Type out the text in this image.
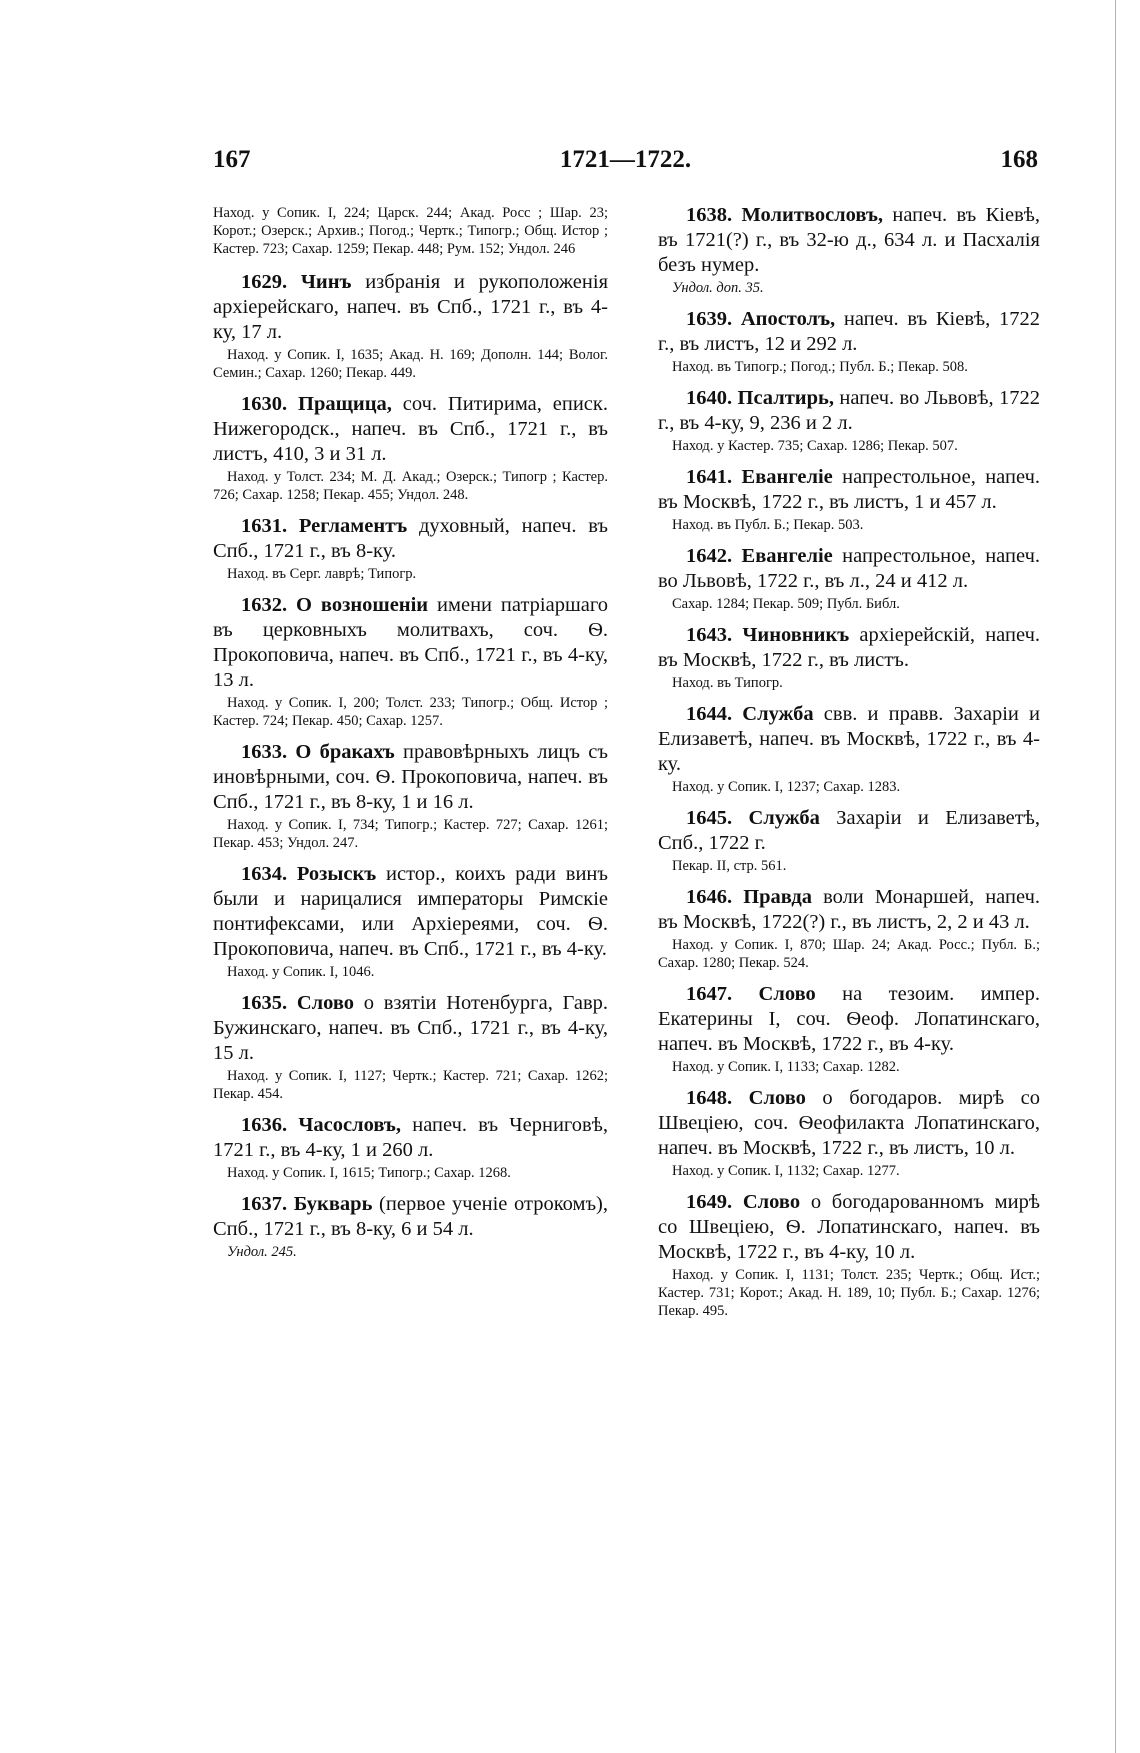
167	1721—1722.	168

Наход. у Сопик. I, 224; Царск. 244; Акад. Росс ; Шар. 23; Корот.; Озерск.; Архив.; Погод.; Чертк.; Типогр.; Общ. Истор ; Кастер. 723; Сахар. 1259; Пекар. 448; Рум. 152; Ундол. 246

1629. Чинъ избранія и рукоположенія архіерейскаго, напеч. въ Спб., 1721 г., въ 4-ку, 17 л.

Наход. у Сопик. I, 1635; Акад. Н. 169; Дополн. 144; Волог. Семин.; Сахар. 1260; Пекар. 449.

1630. Пращица, соч. Питирима, епиcк. Нижегородск., напеч. въ Спб., 1721 г., въ листъ, 410, 3 и 31 л.

Наход. у Толст. 234; М. Д. Акад.; Озерск.; Типогр ; Кастер. 726; Сахар. 1258; Пекар. 455; Ундол. 248.

1631. Регламентъ духовный, напеч. въ Спб., 1721 г., въ 8-ку.

Наход. въ Серг. лаврѣ; Типогр.

1632. О возношеніи имени патріаршаго въ церковныхъ молитвахъ, соч. Ѳ. Прокоповича, напеч. въ Спб., 1721 г., въ 4-ку, 13 л.

Наход. у Сопик. I, 200; Толст. 233; Типогр.; Общ. Истор ; Кастер. 724; Пекар. 450; Сахар. 1257.

1633. О бракахъ правовѣрныхъ лицъ съ иновѣрными, соч. Ѳ. Прокоповича, напеч. въ Спб., 1721 г., въ 8-ку, 1 и 16 л.

Наход. у Сопик. I, 734; Типогр.; Кастер. 727; Сахар. 1261; Пекар. 453; Ундол. 247.

1634. Розыскъ истор., коихъ ради винъ были и нарицалися императоры Римскіе понтифексами, или Архіереями, соч. Ѳ. Прокоповича, напеч. въ Спб., 1721 г., въ 4-ку.

Наход. у Сопик. I, 1046.

1635. Слово о взятіи Нотенбурга, Гавр. Бужинскаго, напеч. въ Спб., 1721 г., въ 4-ку, 15 л.

Наход. у Сопик. I, 1127; Чертк.; Кастер. 721; Сахар. 1262; Пекар. 454.

1636. Часословъ, напеч. въ Черниговѣ, 1721 г., въ 4-ку, 1 и 260 л.

Наход. у Сопик. I, 1615; Типогр.; Сахар. 1268.

1637. Букварь (первое ученіе отрокомъ), Спб., 1721 г., въ 8-ку, 6 и 54 л.

Ундол. 245.

1638. Молитвословъ, напеч. въ Кіевѣ, въ 1721(?) г., въ 32-ю д., 634 л. и Пасхалія безъ нумер.

Ундол. доп. 35.

1639. Апостолъ, напеч. въ Кіевѣ, 1722 г., въ листъ, 12 и 292 л.

Наход. въ Типогр.; Погод.; Публ. Б.; Пекар. 508.

1640. Псалтирь, напеч. во Львовѣ, 1722 г., въ 4-ку, 9, 236 и 2 л.

Наход. у Кастер. 735; Сахар. 1286; Пекар. 507.

1641. Евангеліе напрестольное, напеч. въ Москвѣ, 1722 г., въ листъ, 1 и 457 л.

Наход. въ Публ. Б.; Пекар. 503.

1642. Евангеліе напрестольное, напеч. во Львовѣ, 1722 г., въ л., 24 и 412 л.

Сахар. 1284; Пекар. 509; Публ. Библ.

1643. Чиновникъ архіерейскій, напеч. въ Москвѣ, 1722 г., въ листъ.

Наход. въ Типогр.

1644. Служба свв. и правв. Захаріи и Елизаветѣ, напеч. въ Москвѣ, 1722 г., въ 4-ку.

Наход. у Сопик. I, 1237; Сахар. 1283.

1645. Служба Захаріи и Елизаветѣ, Спб., 1722 г.

Пекар. II, стр. 561.

1646. Правда воли Монаршей, напеч. въ Москвѣ, 1722(?) г., въ листъ, 2, 2 и 43 л.

Наход. у Сопик. I, 870; Шар. 24; Акад. Росс.; Публ. Б.; Сахар. 1280; Пекар. 524.

1647. Слово на тезоим. импер. Екатерины I, соч. Ѳеоф. Лопатинскаго, напеч. въ Москвѣ, 1722 г., въ 4-ку.

Наход. у Сопик. I, 1133; Сахар. 1282.

1648. Слово о богодаров. мирѣ со Швеціею, соч. Ѳеофилакта Лопатинскаго, напеч. въ Москвѣ, 1722 г., въ листъ, 10 л.

Наход. у Сопик. I, 1132; Сахар. 1277.

1649. Слово о богодарованномъ мирѣ со Швеціею, Ѳ. Лопатинскаго, напеч. въ Москвѣ, 1722 г., въ 4-ку, 10 л.

Наход. у Сопик. I, 1131; Толст. 235; Чертк.; Общ. Ист.; Кастер. 731; Корот.; Акад. Н. 189, 10; Публ. Б.; Сахар. 1276; Пекар. 495.
